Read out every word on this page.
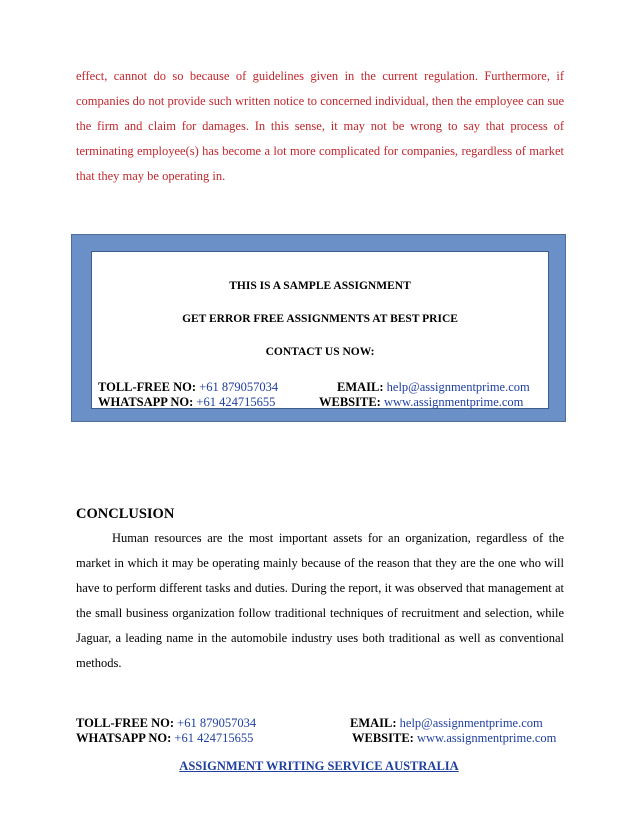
effect, cannot do so because of guidelines given in the current regulation. Furthermore, if companies do not provide such written notice to concerned individual, then the employee can sue the firm and claim for damages. In this sense, it may not be wrong to say that process of terminating employee(s) has become a lot more complicated for companies, regardless of market that they may be operating in.

THIS IS A SAMPLE ASSIGNMENT

GET ERROR FREE ASSIGNMENTS AT BEST PRICE

CONTACT US NOW:

TOLL-FREE NO: +61 879057034	EMAIL: help@assignmentprime.com

WHATSAPP NO: +61 424715655	WEBSITE: www.assignmentprime.com

CONCLUSION

Human resources are the most important assets for an organization, regardless of the market in which it may be operating mainly because of the reason that they are the one who will have to perform different tasks and duties. During the report, it was observed that management at the small business organization follow traditional techniques of recruitment and selection, while Jaguar, a leading name in the automobile industry uses both traditional as well as conventional methods.

TOLL-FREE NO: +61 879057034	EMAIL: help@assignmentprime.com

WHATSAPP NO: +61 424715655	WEBSITE: www.assignmentprime.com

ASSIGNMENT WRITING SERVICE AUSTRALIA
